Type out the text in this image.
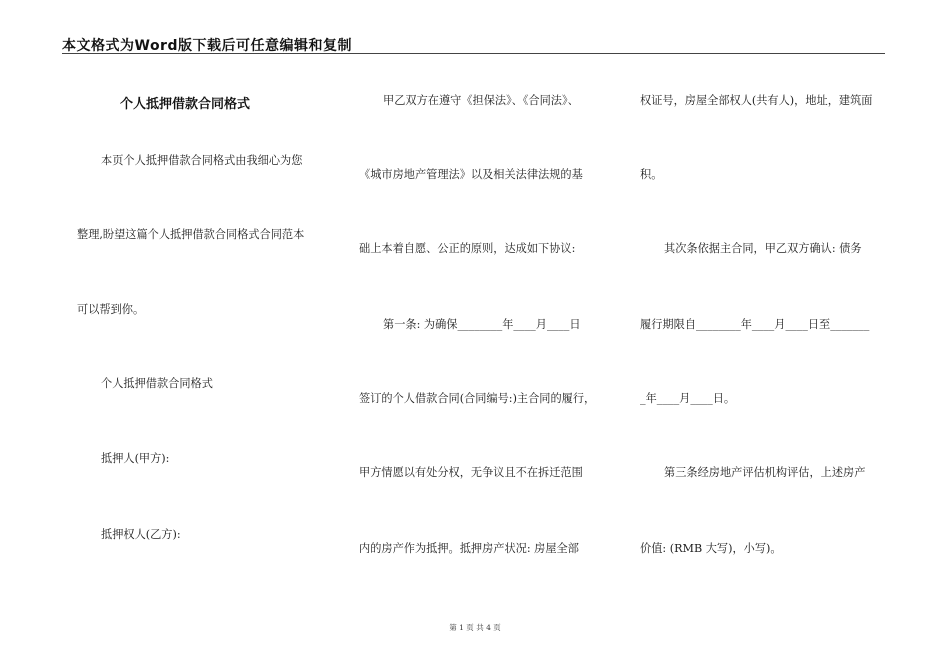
本文格式为Word版下载后可任意编辑和复制
个人抵押借款合同格式
本页个人抵押借款合同格式由我细心为您
整理,盼望这篇个人抵押借款合同格式合同范本
可以帮到你。
个人抵押借款合同格式
抵押人(甲方):
抵押权人(乙方):
甲乙双方在遵守《担保法》、《合同法》、
《城市房地产管理法》以及相关法律法规的基
础上本着自愿、公正的原则，达成如下协议:
第一条: 为确保________年____月____日
签订的个人借款合同(合同编号:)主合同的履行，
甲方情愿以有处分权，无争议且不在拆迁范围
内的房产作为抵押。抵押房产状况: 房屋全部
权证号，房屋全部权人(共有人)，地址，建筑面
积。
其次条依据主合同，甲乙双方确认: 债务
履行期限自________年____月____日至_______
_年____月____日。
第三条经房地产评估机构评估，上述房产
价值: (RMB 大写)，小写)。
第 1 页 共 4 页
